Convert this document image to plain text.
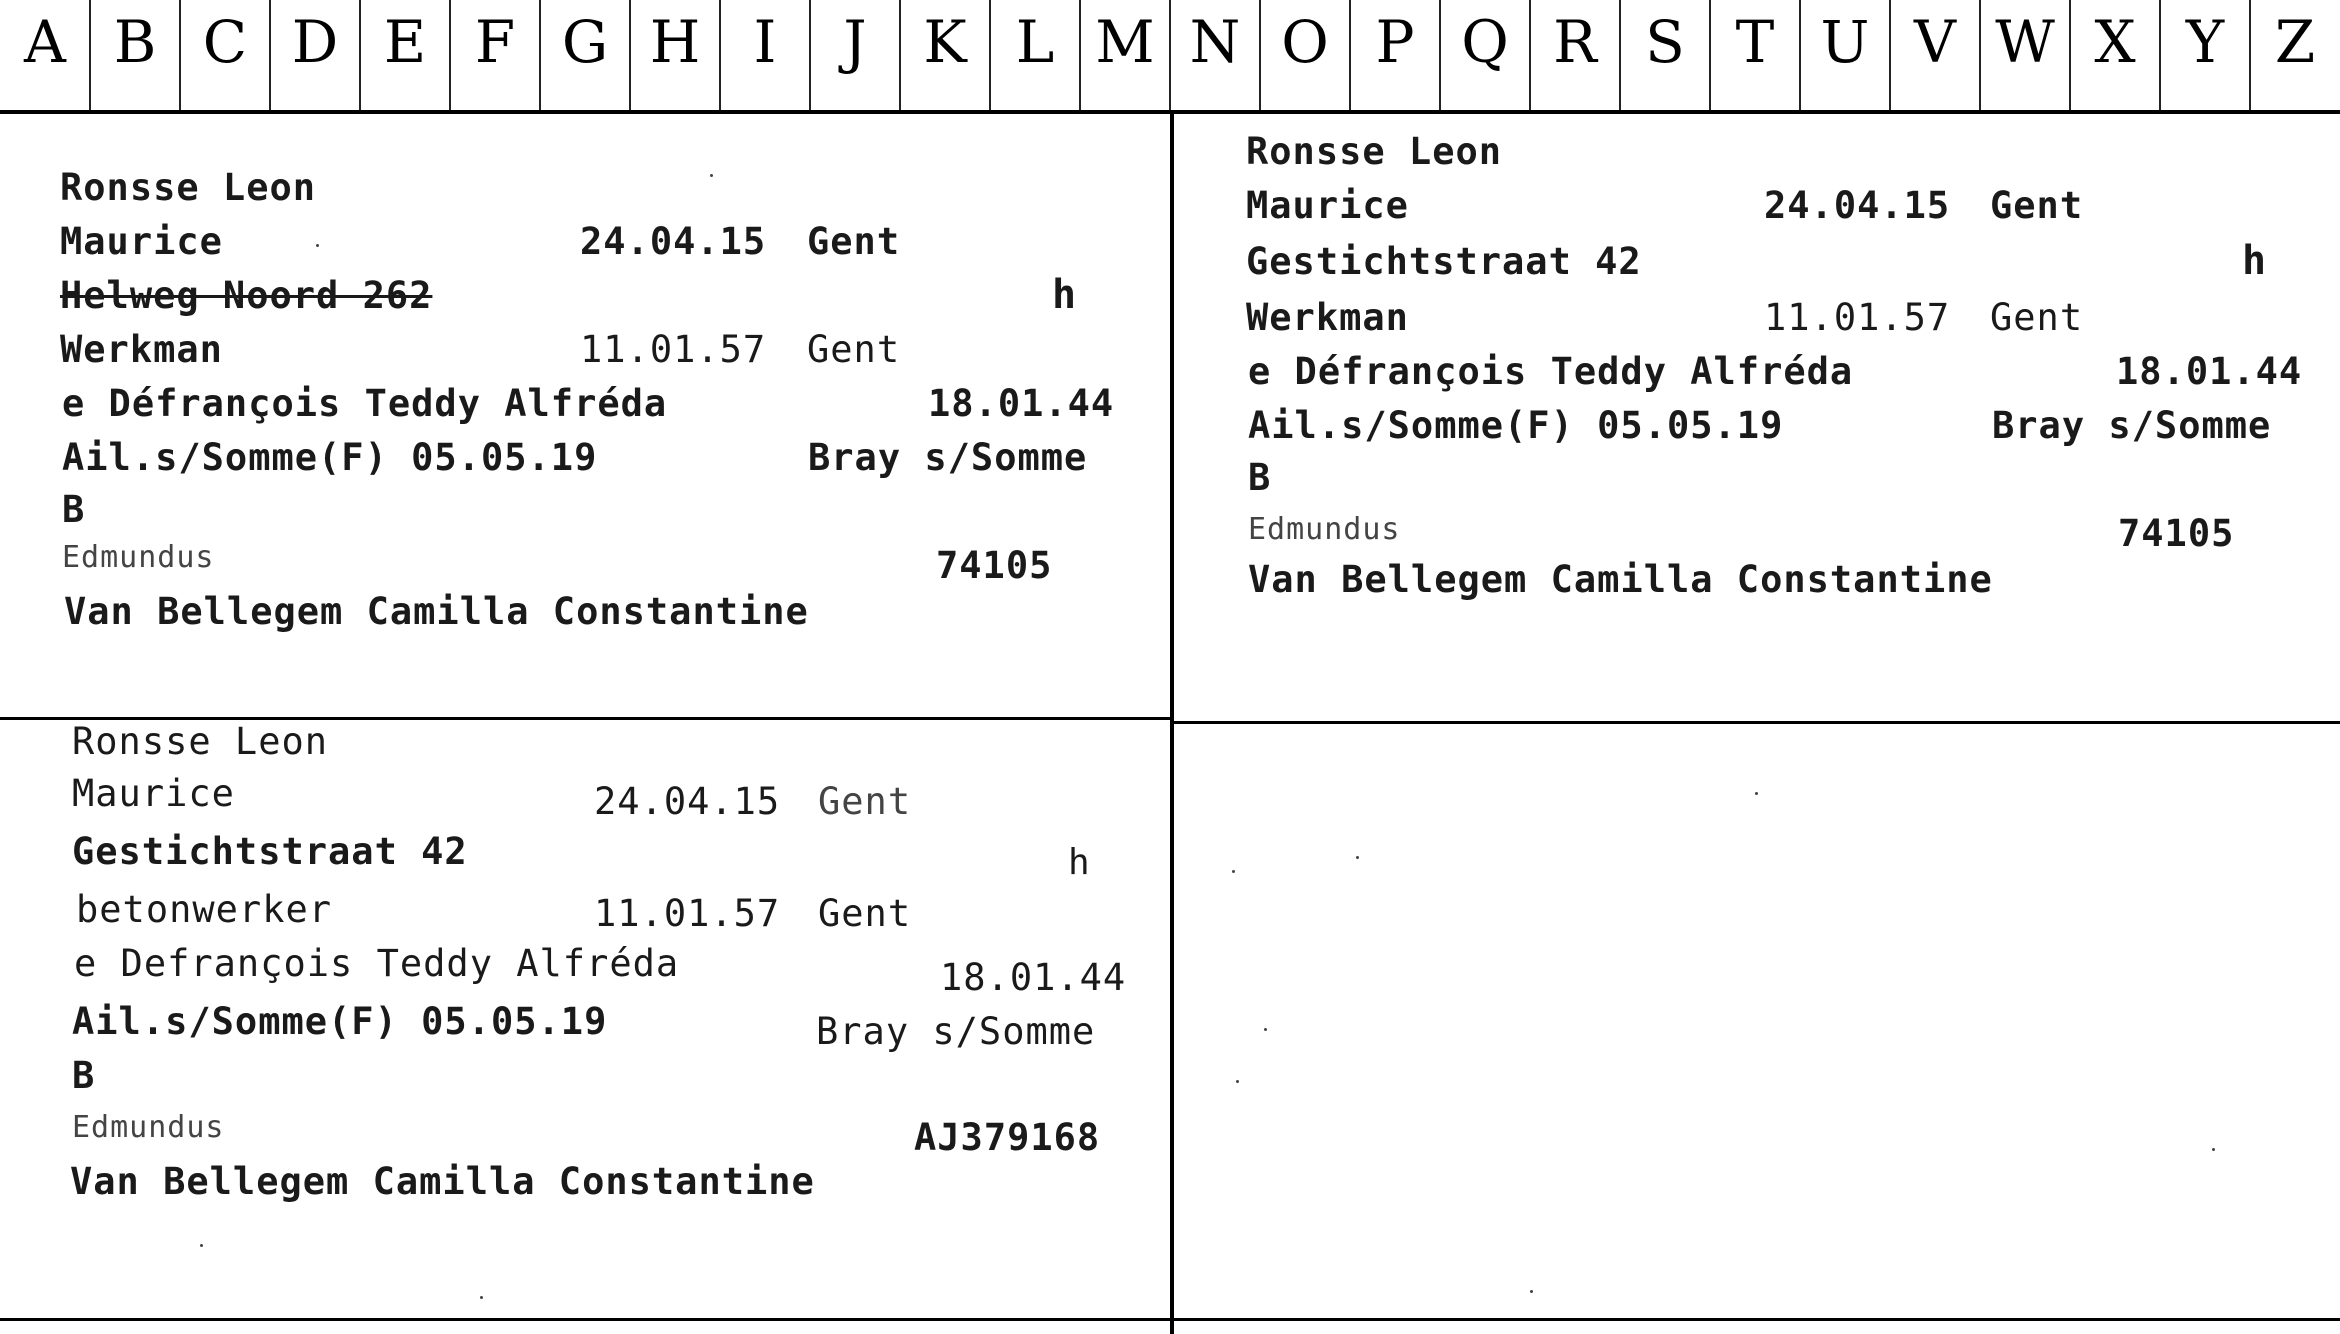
A B C D E F G H I	J K L M N O P Q R S T U V W X Y Z
Ronsse Leon
Maurice	24.04.15 Gent
Helweg Noord 262	h
Werkman	11.01.57 Gent
e Défrançois Teddy Alfréda	18.01.44
Ail.s/Somme(F) 05.05.19	Bray s/Somme
B
Edmundus	74105
Van Bellegem Camilla Constantine
Ronsse Leon
Maurice	24.04.15 Gent
Gestichtstraat 42	h
Werkman	11.01.57 Gent
e Défrançois Teddy Alfréda	18.01.44
Ail.s/Somme(F) 05.05.19	Bray s/Somme
B
Edmundus	74105
Van Bellegem Camilla Constantine
Ronsse Leon
Maurice	24.04.15 Gent
Gestichtstraat 42	h
betonwerker	11.01.57 Gent
e Defrançois Teddy Alfréda	18.01.44
Ail.s/Somme(F) 05.05.19	Bray s/Somme
B
Edmundus	AJ379168
Van Bellegem Camilla Constantine
